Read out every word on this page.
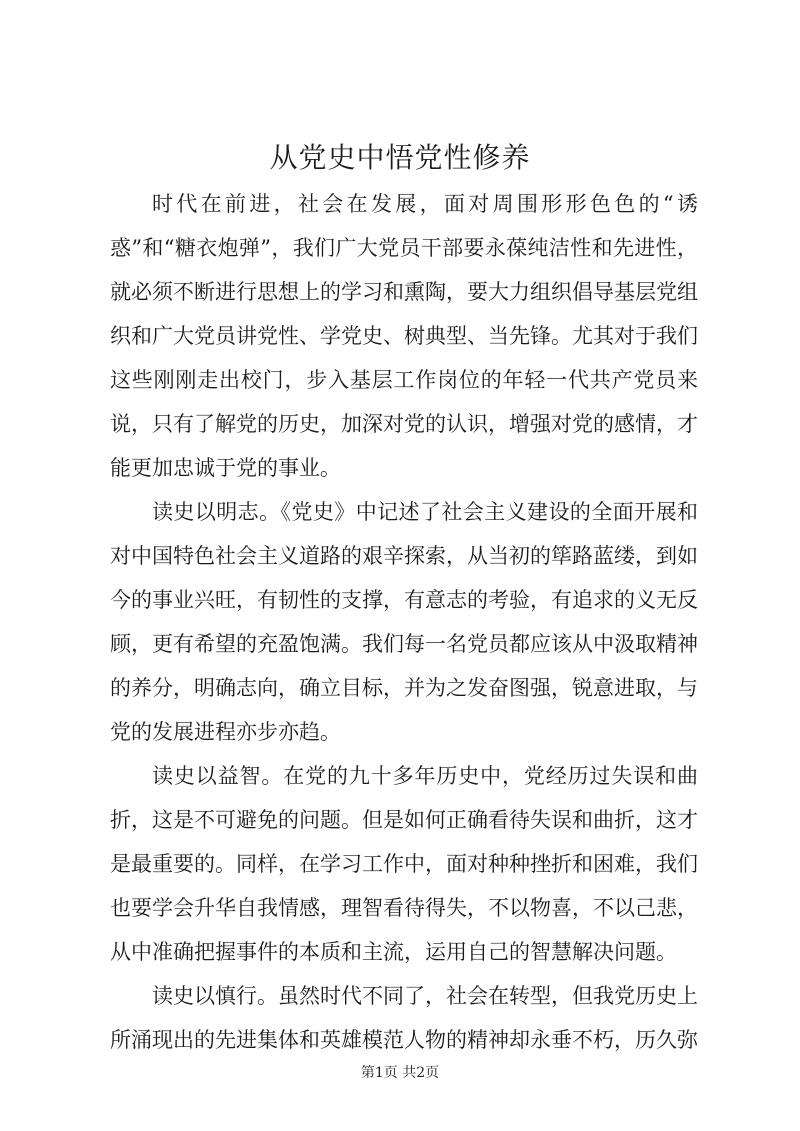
从党史中悟党性修养

时代在前进，社会在发展，面对周围形形色色的“诱惑”和“糖衣炮弹”，我们广大党员干部要永葆纯洁性和先进性，就必须不断进行思想上的学习和熏陶，要大力组织倡导基层党组织和广大党员讲党性、学党史、树典型、当先锋。尤其对于我们这些刚刚走出校门，步入基层工作岗位的年轻一代共产党员来说，只有了解党的历史，加深对党的认识，增强对党的感情，才能更加忠诚于党的事业。

读史以明志。《党史》中记述了社会主义建设的全面开展和对中国特色社会主义道路的艰辛探索，从当初的筚路蓝缕，到如今的事业兴旺，有韧性的支撑，有意志的考验，有追求的义无反顾，更有希望的充盈饱满。我们每一名党员都应该从中汲取精神的养分，明确志向，确立目标，并为之发奋图强，锐意进取，与党的发展进程亦步亦趋。

读史以益智。在党的九十多年历史中，党经历过失误和曲折，这是不可避免的问题。但是如何正确看待失误和曲折，这才是最重要的。同样，在学习工作中，面对种种挫折和困难，我们也要学会升华自我情感，理智看待得失，不以物喜，不以己悲，从中准确把握事件的本质和主流，运用自己的智慧解决问题。

读史以慎行。虽然时代不同了，社会在转型，但我党历史上所涌现出的先进集体和英雄模范人物的精神却永垂不朽，历久弥

第1页 共2页
